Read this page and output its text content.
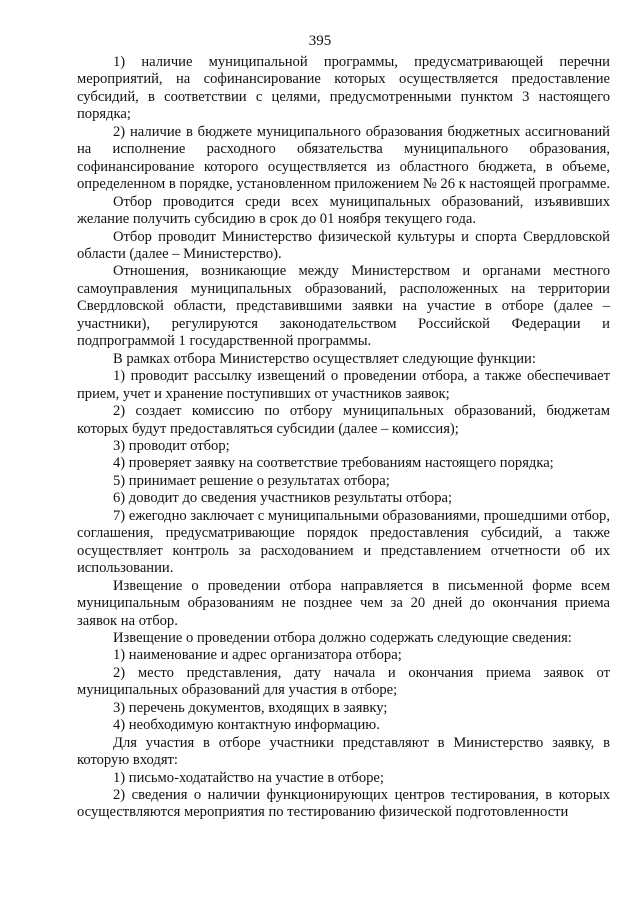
395

1) наличие муниципальной программы, предусматривающей перечни мероприятий, на софинансирование которых осуществляется предоставление субсидий, в соответствии с целями, предусмотренными пунктом 3 настоящего порядка;

2) наличие в бюджете муниципального образования бюджетных ассигнований на исполнение расходного обязательства муниципального образования, софинансирование которого осуществляется из областного бюджета, в объеме, определенном в порядке, установленном приложением № 26 к настоящей программе.

Отбор проводится среди всех муниципальных образований, изъявивших желание получить субсидию в срок до 01 ноября текущего года.

Отбор проводит Министерство физической культуры и спорта Свердловской области (далее – Министерство).

Отношения, возникающие между Министерством и органами местного самоуправления муниципальных образований, расположенных на территории Свердловской области, представившими заявки на участие в отборе (далее – участники), регулируются законодательством Российской Федерации и подпрограммой 1 государственной программы.

В рамках отбора Министерство осуществляет следующие функции:

1) проводит рассылку извещений о проведении отбора, а также обеспечивает прием, учет и хранение поступивших от участников заявок;

2) создает комиссию по отбору муниципальных образований, бюджетам которых будут предоставляться субсидии (далее – комиссия);

3) проводит отбор;

4) проверяет заявку на соответствие требованиям настоящего порядка;

5) принимает решение о результатах отбора;

6) доводит до сведения участников результаты отбора;

7) ежегодно заключает с муниципальными образованиями, прошедшими отбор, соглашения, предусматривающие порядок предоставления субсидий, а также осуществляет контроль за расходованием и представлением отчетности об их использовании.

Извещение о проведении отбора направляется в письменной форме всем муниципальным образованиям не позднее чем за 20 дней до окончания приема заявок на отбор.

Извещение о проведении отбора должно содержать следующие сведения:

1) наименование и адрес организатора отбора;

2) место представления, дату начала и окончания приема заявок от муниципальных образований для участия в отборе;

3) перечень документов, входящих в заявку;

4) необходимую контактную информацию.

Для участия в отборе участники представляют в Министерство заявку, в которую входят:

1) письмо-ходатайство на участие в отборе;

2) сведения о наличии функционирующих центров тестирования, в которых осуществляются мероприятия по тестированию физической подготовленности
